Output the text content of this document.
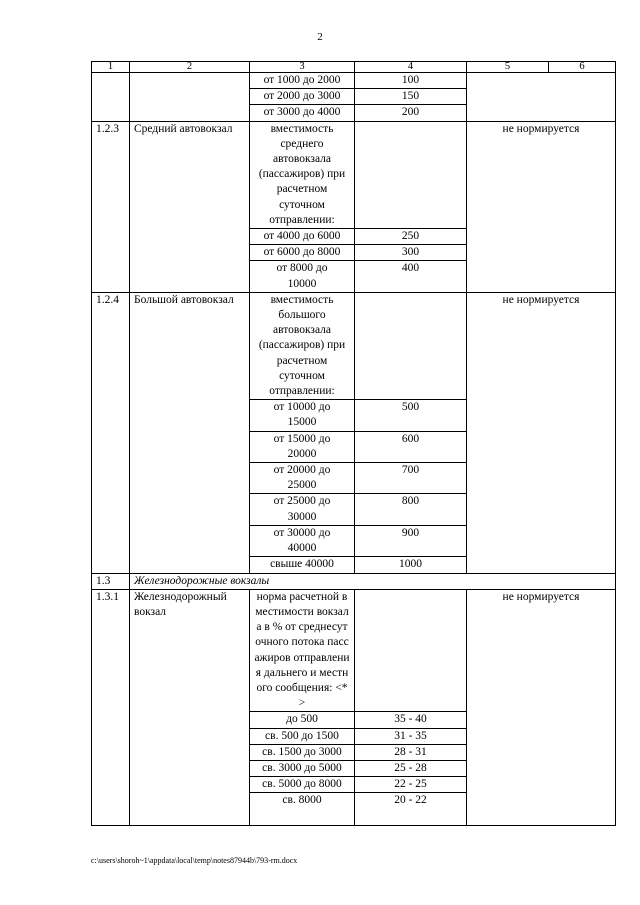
2
1	2	3	4	5	6
		от 1000 до 2000	100		
		от 2000 до 3000	150		
		от 3000 до 4000	200		
1.2.3	Средний автовокзал	вместимость среднего автовокзала (пассажиров) при расчетном суточном отправлении:		не нормируется	
		от 4000 до 6000	250		
		от 6000 до 8000	300		
		от 8000 до 10000	400		
1.2.4	Большой автовокзал	вместимость большого автовокзала (пассажиров) при расчетном суточном отправлении:		не нормируется	
		от 10000 до 15000	500		
		от 15000 до 20000	600		
		от 20000 до 25000	700		
		от 25000 до 30000	800		
		от 30000 до 40000	900		
		свыше 40000	1000		
1.3	Железнодорожные вокзалы				
1.3.1	Железнодорожный вокзал	норма расчетной вместимости вокзала в % от среднесуточного потока пассажиров отправления дальнего и местного сообщения: <*>		не нормируется	
		до 500	35 - 40		
		св. 500 до 1500	31 - 35		
		св. 1500 до 3000	28 - 31		
		св. 3000 до 5000	25 - 28		
		св. 5000 до 8000	22 - 25		
		св. 8000	20 - 22		
c:\users\shoroh~1\appdata\local\temp\notes87944b\793-rm.docx
